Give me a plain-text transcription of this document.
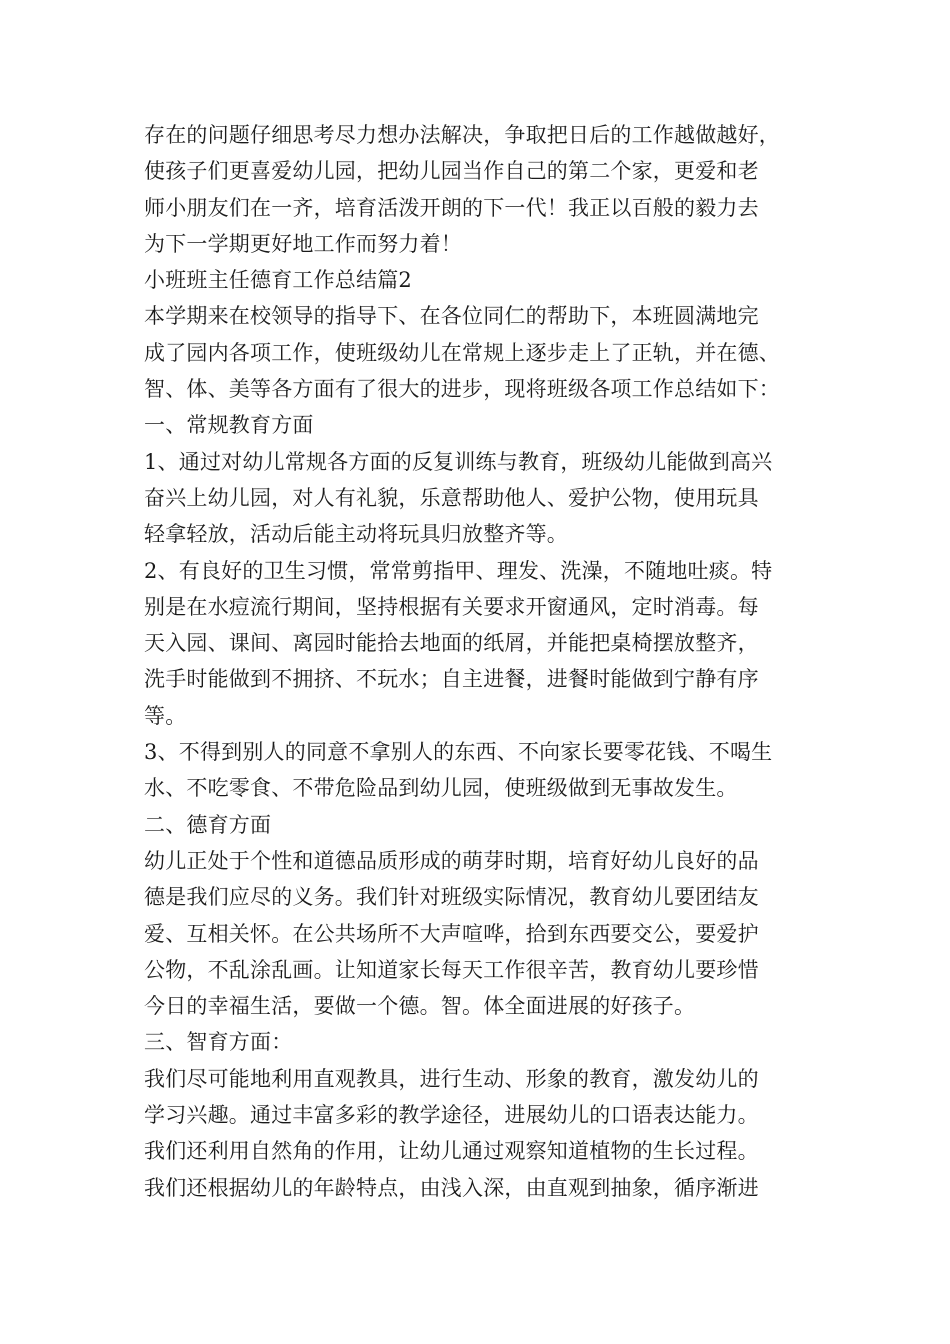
存在的问题仔细思考尽力想办法解决，争取把日后的工作越做越好，
使孩子们更喜爱幼儿园，把幼儿园当作自己的第二个家，更爱和老
师小朋友们在一齐，培育活泼开朗的下一代！我正以百般的毅力去
为下一学期更好地工作而努力着！
小班班主任德育工作总结篇2
本学期来在校领导的指导下、在各位同仁的帮助下，本班圆满地完
成了园内各项工作，使班级幼儿在常规上逐步走上了正轨，并在德、
智、体、美等各方面有了很大的进步，现将班级各项工作总结如下：
一、常规教育方面
1、通过对幼儿常规各方面的反复训练与教育，班级幼儿能做到高兴
奋兴上幼儿园，对人有礼貌，乐意帮助他人、爱护公物，使用玩具
轻拿轻放，活动后能主动将玩具归放整齐等。
2、有良好的卫生习惯，常常剪指甲、理发、洗澡，不随地吐痰。特
别是在水痘流行期间，坚持根据有关要求开窗通风，定时消毒。每
天入园、课间、离园时能拾去地面的纸屑，并能把桌椅摆放整齐，
洗手时能做到不拥挤、不玩水；自主进餐，进餐时能做到宁静有序
等。
3、不得到别人的同意不拿别人的东西、不向家长要零花钱、不喝生
水、不吃零食、不带危险品到幼儿园，使班级做到无事故发生。
二、德育方面
幼儿正处于个性和道德品质形成的萌芽时期，培育好幼儿良好的品
德是我们应尽的义务。我们针对班级实际情况，教育幼儿要团结友
爱、互相关怀。在公共场所不大声喧哗，拾到东西要交公，要爱护
公物，不乱涂乱画。让知道家长每天工作很辛苦，教育幼儿要珍惜
今日的幸福生活，要做一个德。智。体全面进展的好孩子。
三、智育方面：
我们尽可能地利用直观教具，进行生动、形象的教育，激发幼儿的
学习兴趣。通过丰富多彩的教学途径，进展幼儿的口语表达能力。
我们还利用自然角的作用，让幼儿通过观察知道植物的生长过程。
我们还根据幼儿的年龄特点，由浅入深，由直观到抽象，循序渐进
